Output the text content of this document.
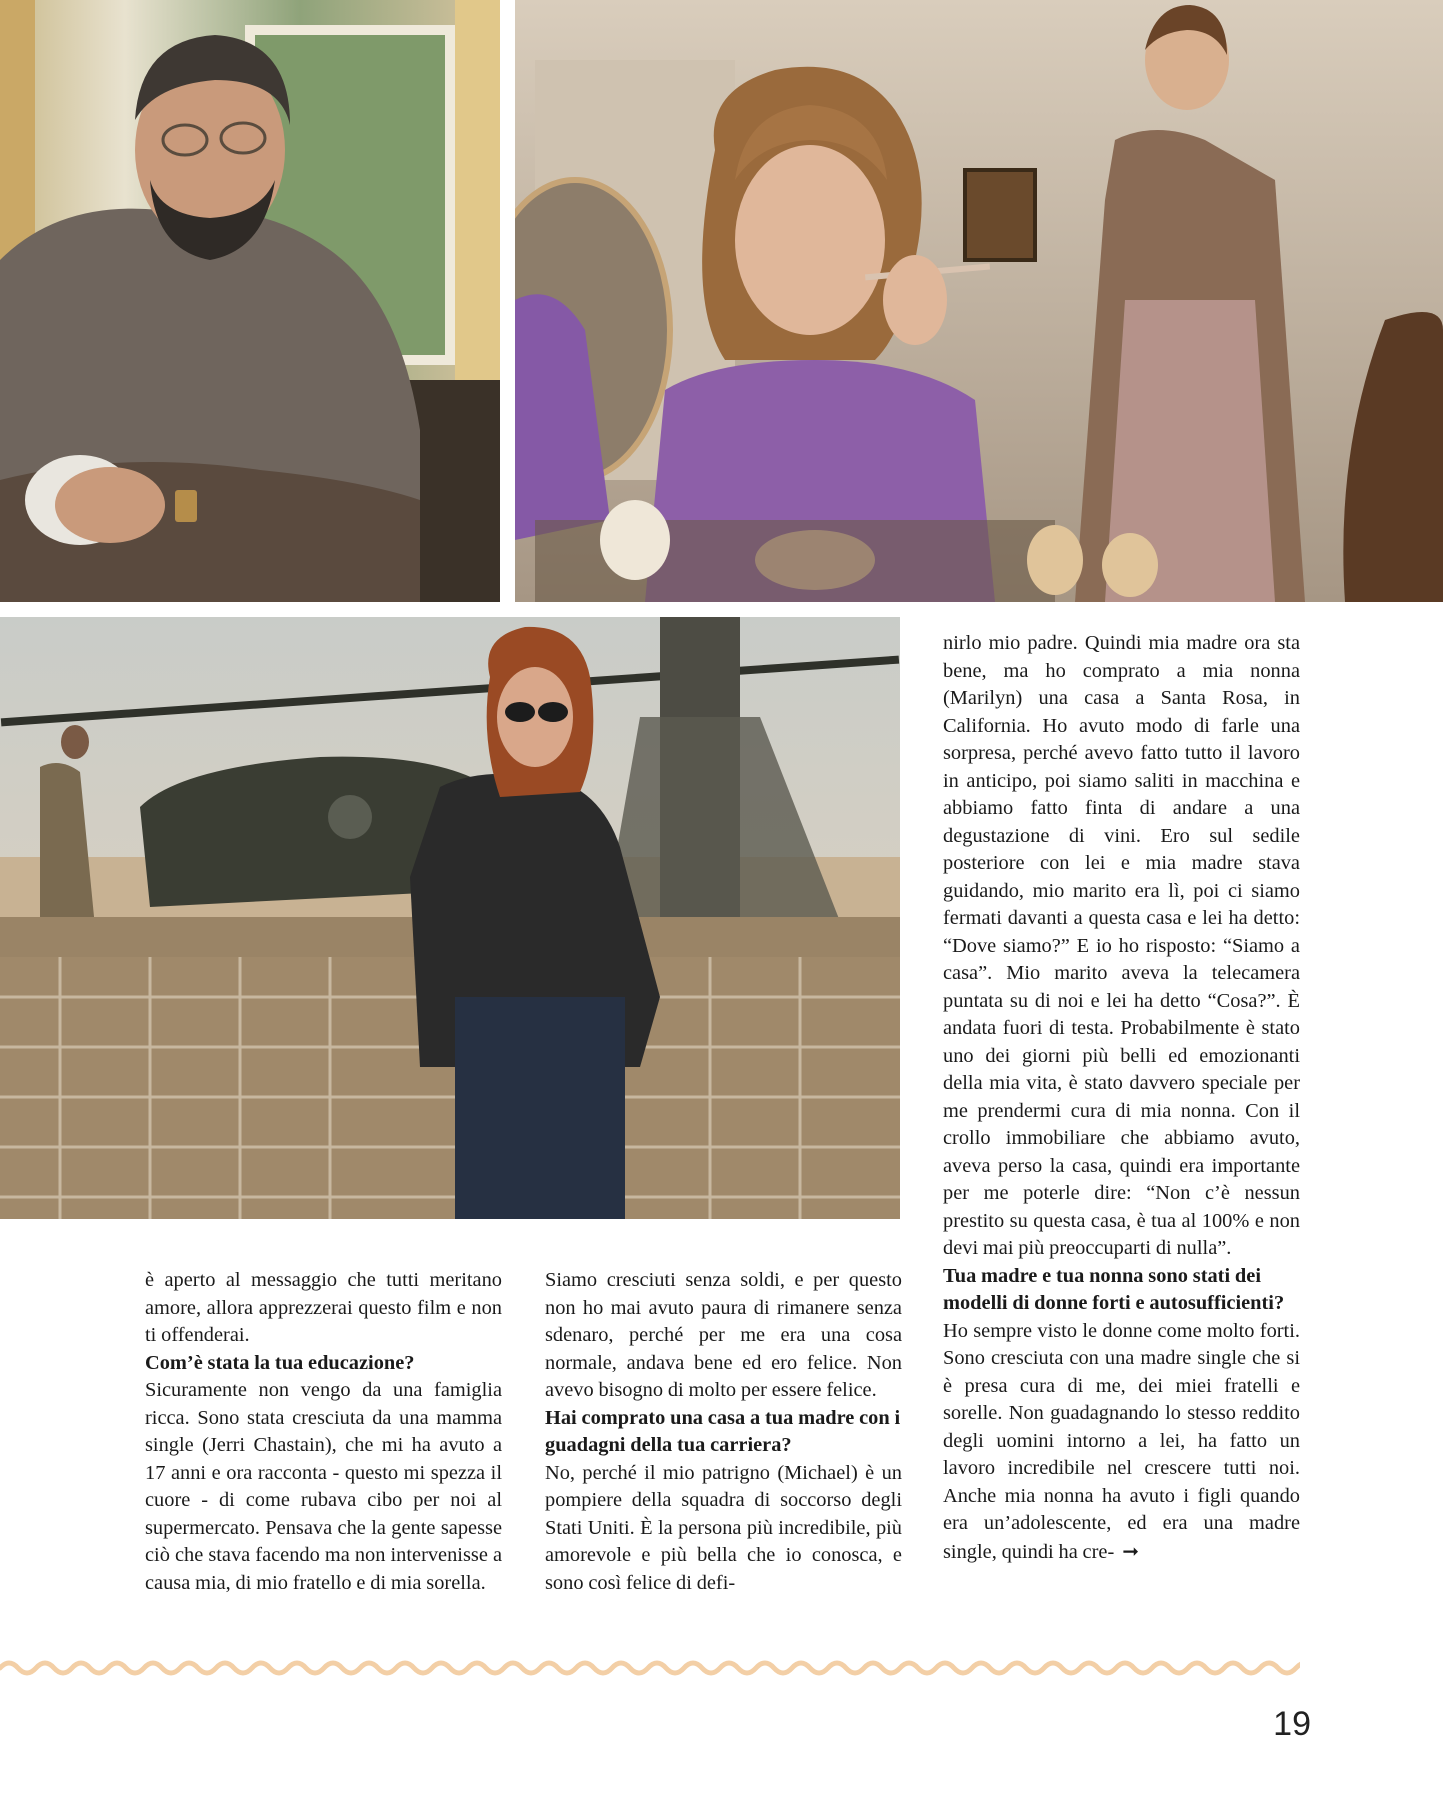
nirlo mio padre. Quindi mia madre ora sta bene, ma ho comprato a mia nonna (Marilyn) una casa a Santa Rosa, in California. Ho avuto modo di farle una sorpresa, perché avevo fatto tutto il lavoro in anticipo, poi siamo saliti in macchina e abbiamo fatto finta di andare a una degustazione di vini. Ero sul sedile posteriore con lei e mia madre stava guidando, mio marito era lì, poi ci siamo fermati davanti a questa casa e lei ha detto: “Dove siamo?” E io ho risposto: “Siamo a casa”. Mio marito aveva la telecamera puntata su di noi e lei ha detto “Cosa?”. È andata fuori di testa. Probabilmente è stato uno dei giorni più belli ed emozionanti della mia vita, è stato davvero speciale per me prendermi cura di mia nonna. Con il crollo immobiliare che abbiamo avuto, aveva perso la casa, quindi era importante per me poterle dire: “Non c’è nessun prestito su questa casa, è tua al 100% e non devi mai più preoccuparti di nulla”.

Tua madre e tua nonna sono stati dei modelli di donne forti e autosufficienti?

Ho sempre visto le donne come molto forti. Sono cresciuta con una madre single che si è presa cura di me, dei miei fratelli e sorelle. Non guadagnando lo stesso reddito degli uomini intorno a lei, ha fatto un lavoro incredibile nel crescere tutti noi. Anche mia nonna ha avuto i figli quando era un’adolescente, ed era una madre single, quindi ha cre- ➞

è aperto al messaggio che tutti meritano amore, allora apprezzerai questo film e non ti offenderai.

Com’è stata la tua educazione?

Sicuramente non vengo da una famiglia ricca. Sono stata cresciuta da una mamma single (Jerri Chastain), che mi ha avuto a 17 anni e ora racconta - questo mi spezza il cuore - di come rubava cibo per noi al supermercato. Pensava che la gente sapesse ciò che stava facendo ma non intervenisse a causa mia, di mio fratello e di mia sorella.

Siamo cresciuti senza soldi, e per questo non ho mai avuto paura di rimanere senza sdenaro, perché per me era una cosa normale, andava bene ed ero felice. Non avevo bisogno di molto per essere felice.

Hai comprato una casa a tua madre con i guadagni della tua carriera?

No, perché il mio patrigno (Michael) è un pompiere della squadra di soccorso degli Stati Uniti. È la persona più incredibile, più amorevole e più bella che io conosca, e sono così felice di defi-

19
